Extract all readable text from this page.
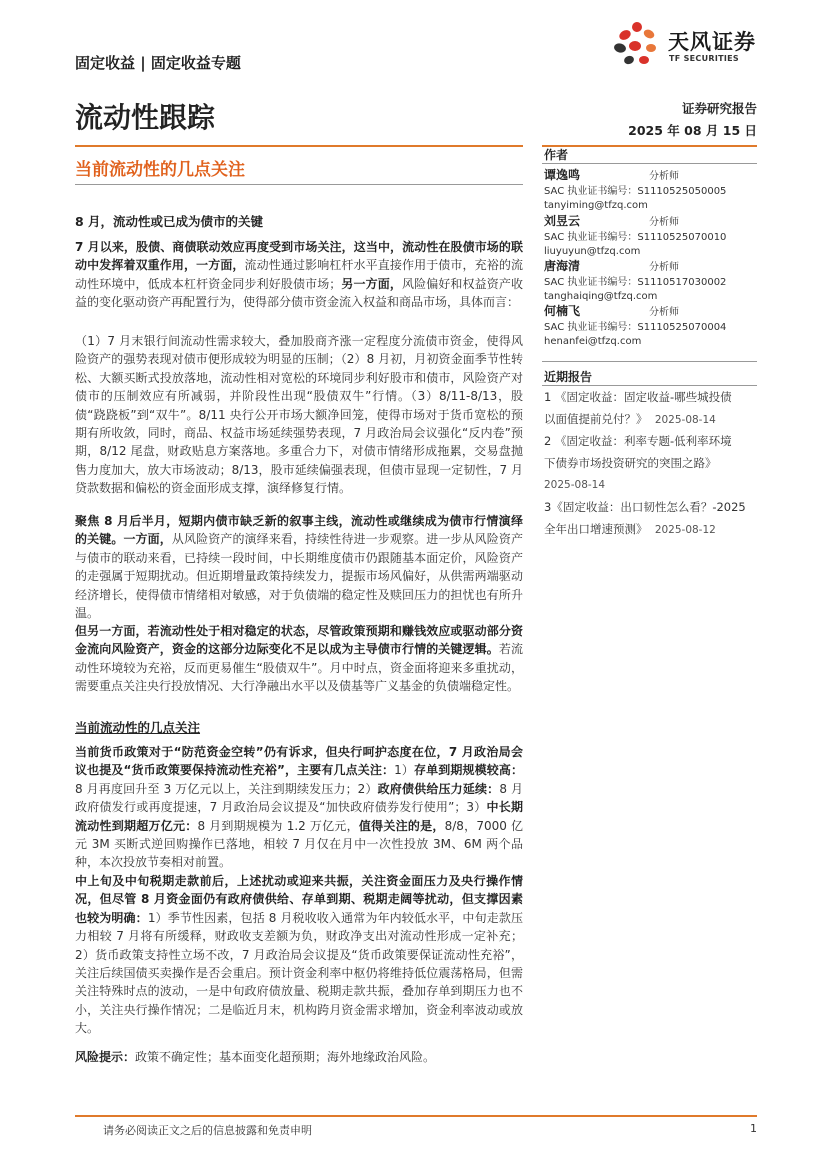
固定收益 | 固定收益专题
天风证券
TF SECURITIES
流动性跟踪	证券研究报告
2025 年 08 月 15 日
当前流动性的几点关注
作者
谭逸鸣	分析师
SAC 执业证书编号：S1110525050005
tanyiming@tfzq.com
刘昱云	分析师
SAC 执业证书编号：S1110525070010
liuyuyun@tfzq.com
唐海清	分析师
SAC 执业证书编号：S1110517030002
tanghaiqing@tfzq.com
何楠飞	分析师
SAC 执业证书编号：S1110525070004
henanfei@tfzq.com
近期报告
1 《固定收益：固定收益-哪些城投债
以面值提前兑付？》 2025-08-14
2 《固定收益：利率专题-低利率环境
下债券市场投资研究的突围之路》
2025-08-14
3《固定收益：出口韧性怎么看？-2025
全年出口增速预测》 2025-08-12
8 月，流动性或已成为债市的关键
7 月以来，股债、商债联动效应再度受到市场关注，这当中，流动性在股债市场的联动中发挥着双重作用，一方面，流动性通过影响杠杆水平直接作用于债市，充裕的流动性环境中，低成本杠杆资金同步利好股债市场；另一方面，风险偏好和权益资产收益的变化驱动资产再配置行为，使得部分债市资金流入权益和商品市场，具体而言：
（1）7 月末银行间流动性需求较大，叠加股商齐涨一定程度分流债市资金，使得风险资产的强势表现对债市便形成较为明显的压制；（2）8 月初，月初资金面季节性转松、大额买断式投放落地，流动性相对宽松的环境同步利好股市和债市，风险资产对债市的压制效应有所减弱，并阶段性出现“股债双牛”行情。（3）8/11-8/13，股债“跷跷板”到“双牛”。8/11 央行公开市场大额净回笼，使得市场对于货币宽松的预期有所收敛，同时，商品、权益市场延续强势表现，7 月政治局会议强化“反内卷”预期，8/12 尾盘，财政贴息方案落地。多重合力下，对债市情绪形成拖累，交易盘抛售力度加大，放大市场波动；8/13，股市延续偏强表现，但债市显现一定韧性，7 月贷款数据和偏松的资金面形成支撑，演绎修复行情。
聚焦 8 月后半月，短期内债市缺乏新的叙事主线，流动性或继续成为债市行情演绎的关键。一方面，从风险资产的演绎来看，持续性待进一步观察。进一步从风险资产与债市的联动来看，已持续一段时间，中长期维度债市仍跟随基本面定价，风险资产的走强属于短期扰动。但近期增量政策持续发力，提振市场风偏好，从供需两端驱动经济增长，使得债市情绪相对敏感，对于负债端的稳定性及赎回压力的担忧也有所升温。
但另一方面，若流动性处于相对稳定的状态，尽管政策预期和赚钱效应或驱动部分资金流向风险资产，资金的这部分边际变化不足以成为主导债市行情的关键逻辑。若流动性环境较为充裕，反而更易催生“股债双牛”。月中时点，资金面将迎来多重扰动，需要重点关注央行投放情况、大行净融出水平以及债基等广义基金的负债端稳定性。
当前流动性的几点关注
当前货币政策对于“防范资金空转”仍有诉求，但央行呵护态度在位，7 月政治局会议也提及“货币政策要保持流动性充裕”，主要有几点关注：1）存单到期规模较高：8 月再度回升至 3 万亿元以上，关注到期续发压力；2）政府债供给压力延续：8 月政府债发行或再度提速，7 月政治局会议提及“加快政府债券发行使用”；3）中长期流动性到期超万亿元：8 月到期规模为 1.2 万亿元，值得关注的是，8/8，7000 亿元 3M 买断式逆回购操作已落地，相较 7 月仅在月中一次性投放 3M、6M 两个品种，本次投放节奏相对前置。
中上旬及中旬税期走款前后，上述扰动或迎来共振，关注资金面压力及央行操作情况，但尽管 8 月资金面仍有政府债供给、存单到期、税期走阔等扰动，但支撑因素也较为明确：1）季节性因素，包括 8 月税收收入通常为年内较低水平，中旬走款压力相较 7 月将有所缓释，财政收支差额为负，财政净支出对流动性形成一定补充；2）货币政策支持性立场不改，7 月政治局会议提及“货币政策要保证流动性充裕”，关注后续国债买卖操作是否会重启。预计资金利率中枢仍将维持低位震荡格局，但需关注特殊时点的波动，一是中旬政府债放量、税期走款共振，叠加存单到期压力也不小，关注央行操作情况；二是临近月末，机构跨月资金需求增加，资金利率波动或放大。
风险提示：政策不确定性；基本面变化超预期；海外地缘政治风险。
请务必阅读正文之后的信息披露和免责申明	1
